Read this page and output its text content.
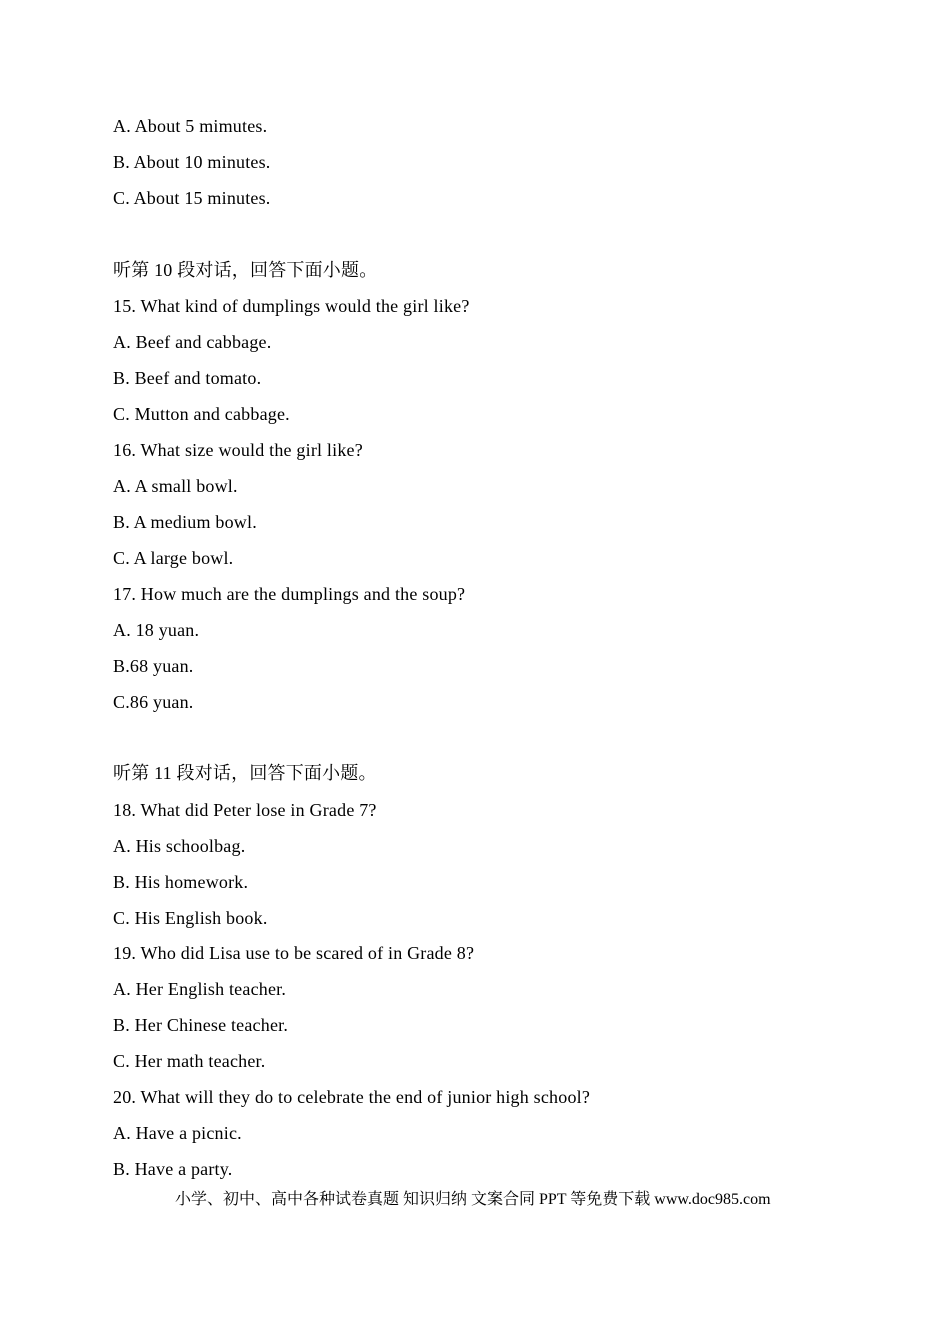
A. About 5 mimutes.
B. About 10 minutes.
C. About 15 minutes.
听第 10 段对话，回答下面小题。
15. What kind of dumplings would the girl like?
A. Beef and cabbage.
B. Beef and tomato.
C. Mutton and cabbage.
16. What size would the girl like?
A. A small bowl.
B. A medium bowl.
C. A large bowl.
17. How much are the dumplings and the soup?
A. 18 yuan.
B.68 yuan.
C.86 yuan.
听第 11 段对话，回答下面小题。
18. What did Peter lose in Grade 7?
A. His schoolbag.
B. His homework.
C. His English book.
19. Who did Lisa use to be scared of in Grade 8?
A. Her English teacher.
B. Her Chinese teacher.
C. Her math teacher.
20. What will they do to celebrate the end of junior high school?
A. Have a picnic.
B. Have a party.
小学、初中、高中各种试卷真题 知识归纳 文案合同 PPT 等免费下载 www.doc985.com
